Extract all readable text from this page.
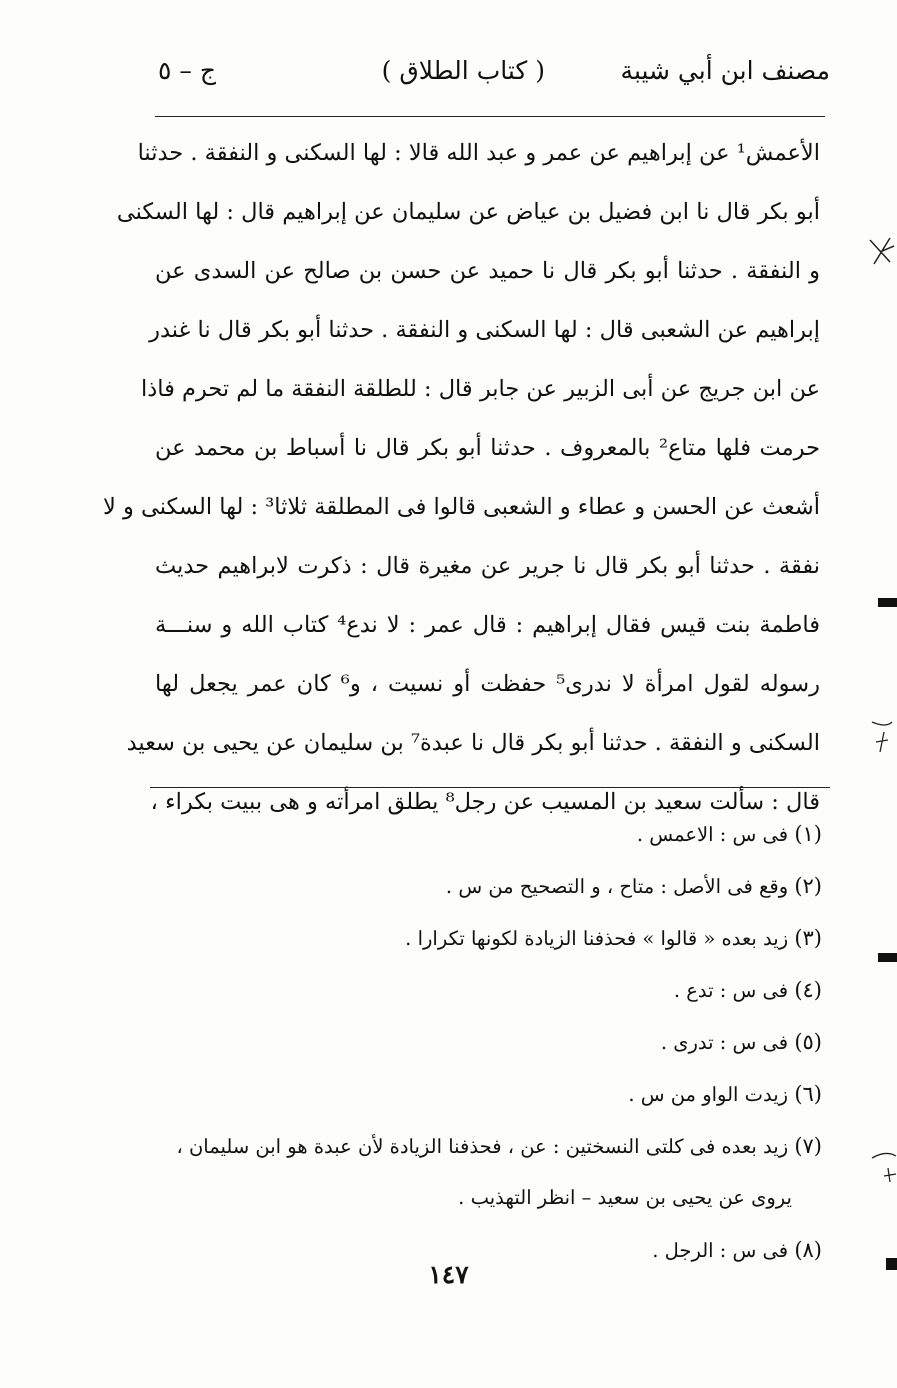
مصنف ابن أبي شيبة
( كتاب الطلاق )
ج – ٥
الأعمش¹ عن إبراهيم عن عمر و عبد الله قالا : لها السكنى و النفقة . حدثنا
أبو بكر قال نا ابن فضيل بن عياض عن سليمان عن إبراهيم قال : لها السكنى
و النفقة . حدثنا أبو بكر قال نا حميد عن حسن بن صالح عن السدى عن
إبراهيم عن الشعبى قال : لها السكنى و النفقة . حدثنا أبو بكر قال نا غندر
عن ابن جريج عن أبى الزبير عن جابر قال : للطلقة النفقة ما لم تحرم فاذا
حرمت فلها متاع² بالمعروف . حدثنا أبو بكر قال نا أسباط بن محمد عن
أشعث عن الحسن و عطاء و الشعبى قالوا فى المطلقة ثلاثا³ : لها السكنى و لا
نفقة . حدثنا أبو بكر قال نا جرير عن مغيرة قال : ذكرت لابراهيم حديث
فاطمة بنت قيس فقال إبراهيم : قال عمر : لا ندع⁴ كتاب الله و سنـــة
رسوله لقول امرأة لا ندرى⁵ حفظت أو نسيت ، و⁶ كان عمر يجعل لها
السكنى و النفقة . حدثنا أبو بكر قال نا عبدة⁷ بن سليمان عن يحيى بن سعيد
قال : سألت سعيد بن المسيب عن رجل⁸ يطلق امرأته و هى ببيت بكراء ،
(١) فى س : الاعمس .
(٢) وقع فى الأصل : متاح ، و التصحيح من س .
(٣) زيد بعده « قالوا » فحذفنا الزيادة لكونها تكرارا .
(٤) فى س : تدع .
(٥) فى س : تدرى .
(٦) زيدت الواو من س .
(٧) زيد بعده فى كلتى النسختين : عن ، فحذفنا الزيادة لأن عبدة هو ابن سليمان ،
يروى عن يحيى بن سعيد – انظر التهذيب .
(٨) فى س : الرجل .
١٤٧
